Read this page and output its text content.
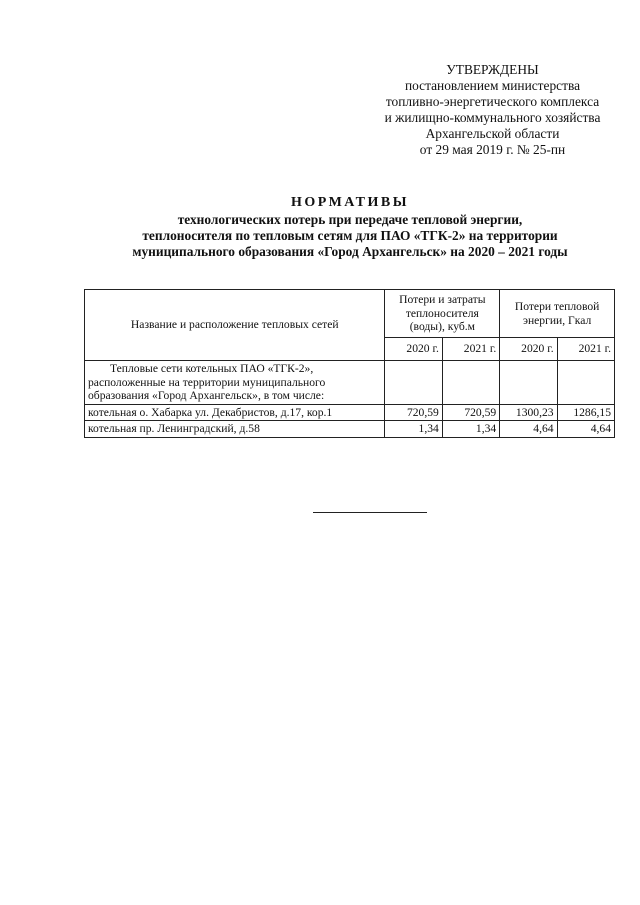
УТВЕРЖДЕНЫ
постановлением министерства
топливно-энергетического комплекса
и жилищно-коммунального хозяйства
Архангельской области
от 29 мая 2019 г. № 25-пн
НОРМАТИВЫ
технологических потерь при передаче тепловой энергии,
теплоносителя по тепловым сетям для ПАО «ТГК-2» на территории
муниципального образования «Город Архангельск» на 2020 – 2021 годы
Название и расположение тепловых сетей	Потери и затраты теплоносителя (воды), куб.м		Потери тепловой энергии, Гкал	
	2020 г.	2021 г.	2020 г.	2021 г.
Тепловые сети котельных ПАО «ТГК-2», расположенные на территории муниципального образования «Город Архангельск», в том числе:				
котельная о. Хабарка ул. Декабристов, д.17, кор.1	720,59	720,59	1300,23	1286,15
котельная пр. Ленинградский, д.58	1,34	1,34	4,64	4,64
